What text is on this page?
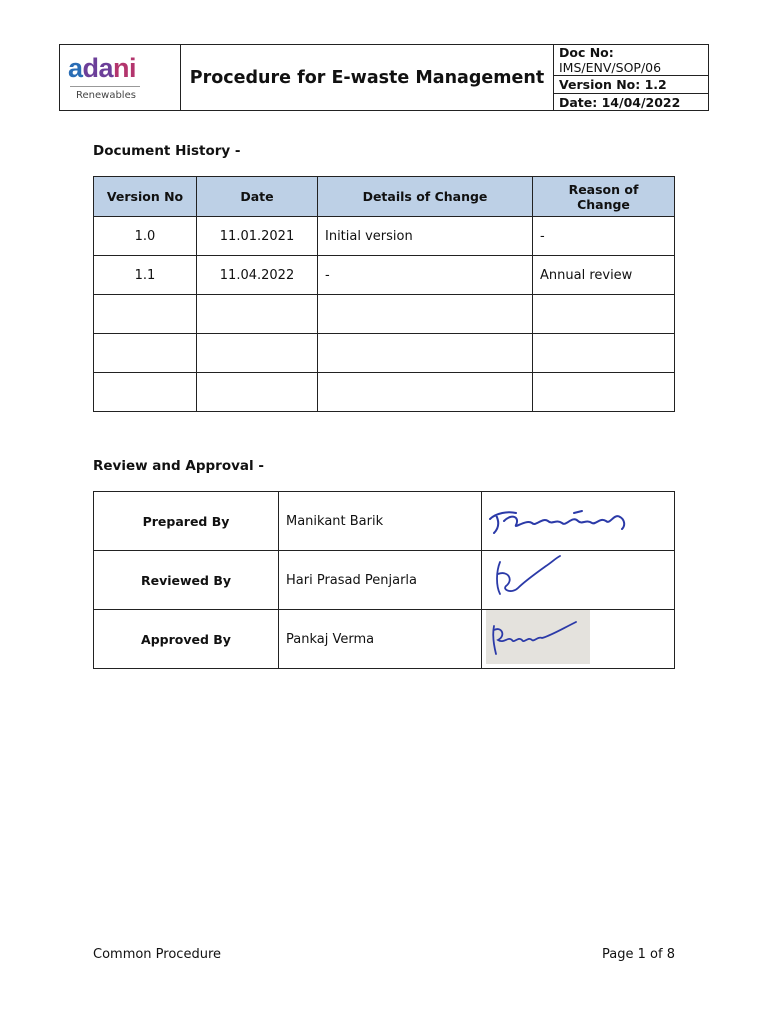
adani
Renewables
Procedure for E-waste Management
Doc No:
IMS/ENV/SOP/06
Version No: 1.2
Date: 14/04/2022
Document History -
Version No	Date	Details of Change	Reason of Change
1.0	11.01.2021	Initial version	-
1.1	11.04.2022	-	Annual review

Review and Approval -
Prepared By	Manikant Barik	
Reviewed By	Hari Prasad Penjarla	
Approved By	Pankaj Verma	
Common Procedure	Page 1 of 8
